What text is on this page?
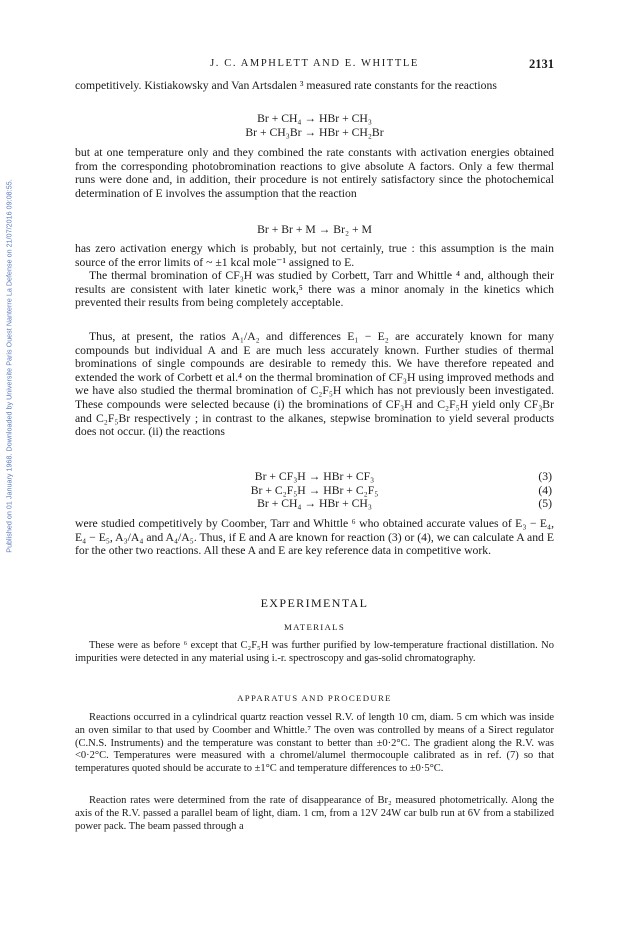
Published on 01 January 1968. Downloaded by Universite Paris Ouest Nanterre La Defense on 21/07/2016 09:08:55.
J. C. AMPHLETT AND E. WHITTLE	2131

competitively. Kistiakowsky and Van Artsdalen ³ measured rate constants for the reactions

Br + CH₄ → HBr + CH₃
Br + CH₃Br → HBr + CH₂Br

but at one temperature only and they combined the rate constants with activation energies obtained from the corresponding photobromination reactions to give absolute A factors. Only a few thermal runs were done and, in addition, their procedure is not entirely satisfactory since the photochemical determination of E involves the assumption that the reaction

Br + Br + M → Br₂ + M

has zero activation energy which is probably, but not certainly, true : this assumption is the main source of the error limits of ~ ±1 kcal mole⁻¹ assigned to E.

The thermal bromination of CF₃H was studied by Corbett, Tarr and Whittle ⁴ and, although their results are consistent with later kinetic work,⁵ there was a minor anomaly in the kinetics which prevented their results from being completely acceptable.

Thus, at present, the ratios A₁/A₂ and differences E₁ − E₂ are accurately known for many compounds but individual A and E are much less accurately known. Further studies of thermal brominations of single compounds are desirable to remedy this. We have therefore repeated and extended the work of Corbett et al.⁴ on the thermal bromination of CF₃H using improved methods and we have also studied the thermal bromination of C₂F₅H which has not previously been investigated. These compounds were selected because (i) the brominations of CF₃H and C₂F₅H yield only CF₃Br and C₂F₅Br respectively ; in contrast to the alkanes, stepwise bromination to yield several products does not occur. (ii) the reactions

Br + CF₃H → HBr + CF₃	(3)
Br + C₂F₅H → HBr + C₂F₅	(4)
Br + CH₄ → HBr + CH₃	(5)

were studied competitively by Coomber, Tarr and Whittle ⁶ who obtained accurate values of E₃ − E₄, E₄ − E₅, A₃/A₄ and A₄/A₅. Thus, if E and A are known for reaction (3) or (4), we can calculate A and E for the other two reactions. All these A and E are key reference data in competitive work.

EXPERIMENTAL
MATERIALS

These were as before ⁶ except that C₂F₅H was further purified by low-temperature fractional distillation. No impurities were detected in any material using i.-r. spectroscopy and gas-solid chromatography.

APPARATUS AND PROCEDURE

Reactions occurred in a cylindrical quartz reaction vessel R.V. of length 10 cm, diam. 5 cm which was inside an oven similar to that used by Coomber and Whittle.⁷ The oven was controlled by means of a Sirect regulator (C.N.S. Instruments) and the temperature was constant to better than ±0·2°C. The gradient along the R.V. was <0·2°C. Temperatures were measured with a chromel/alumel thermocouple calibrated as in ref. (7) so that temperatures quoted should be accurate to ±1°C and temperature differences to ±0·5°C.

Reaction rates were determined from the rate of disappearance of Br₂ measured photometrically. Along the axis of the R.V. passed a parallel beam of light, diam. 1 cm, from a 12V 24W car bulb run at 6V from a stabilized power pack. The beam passed through a
